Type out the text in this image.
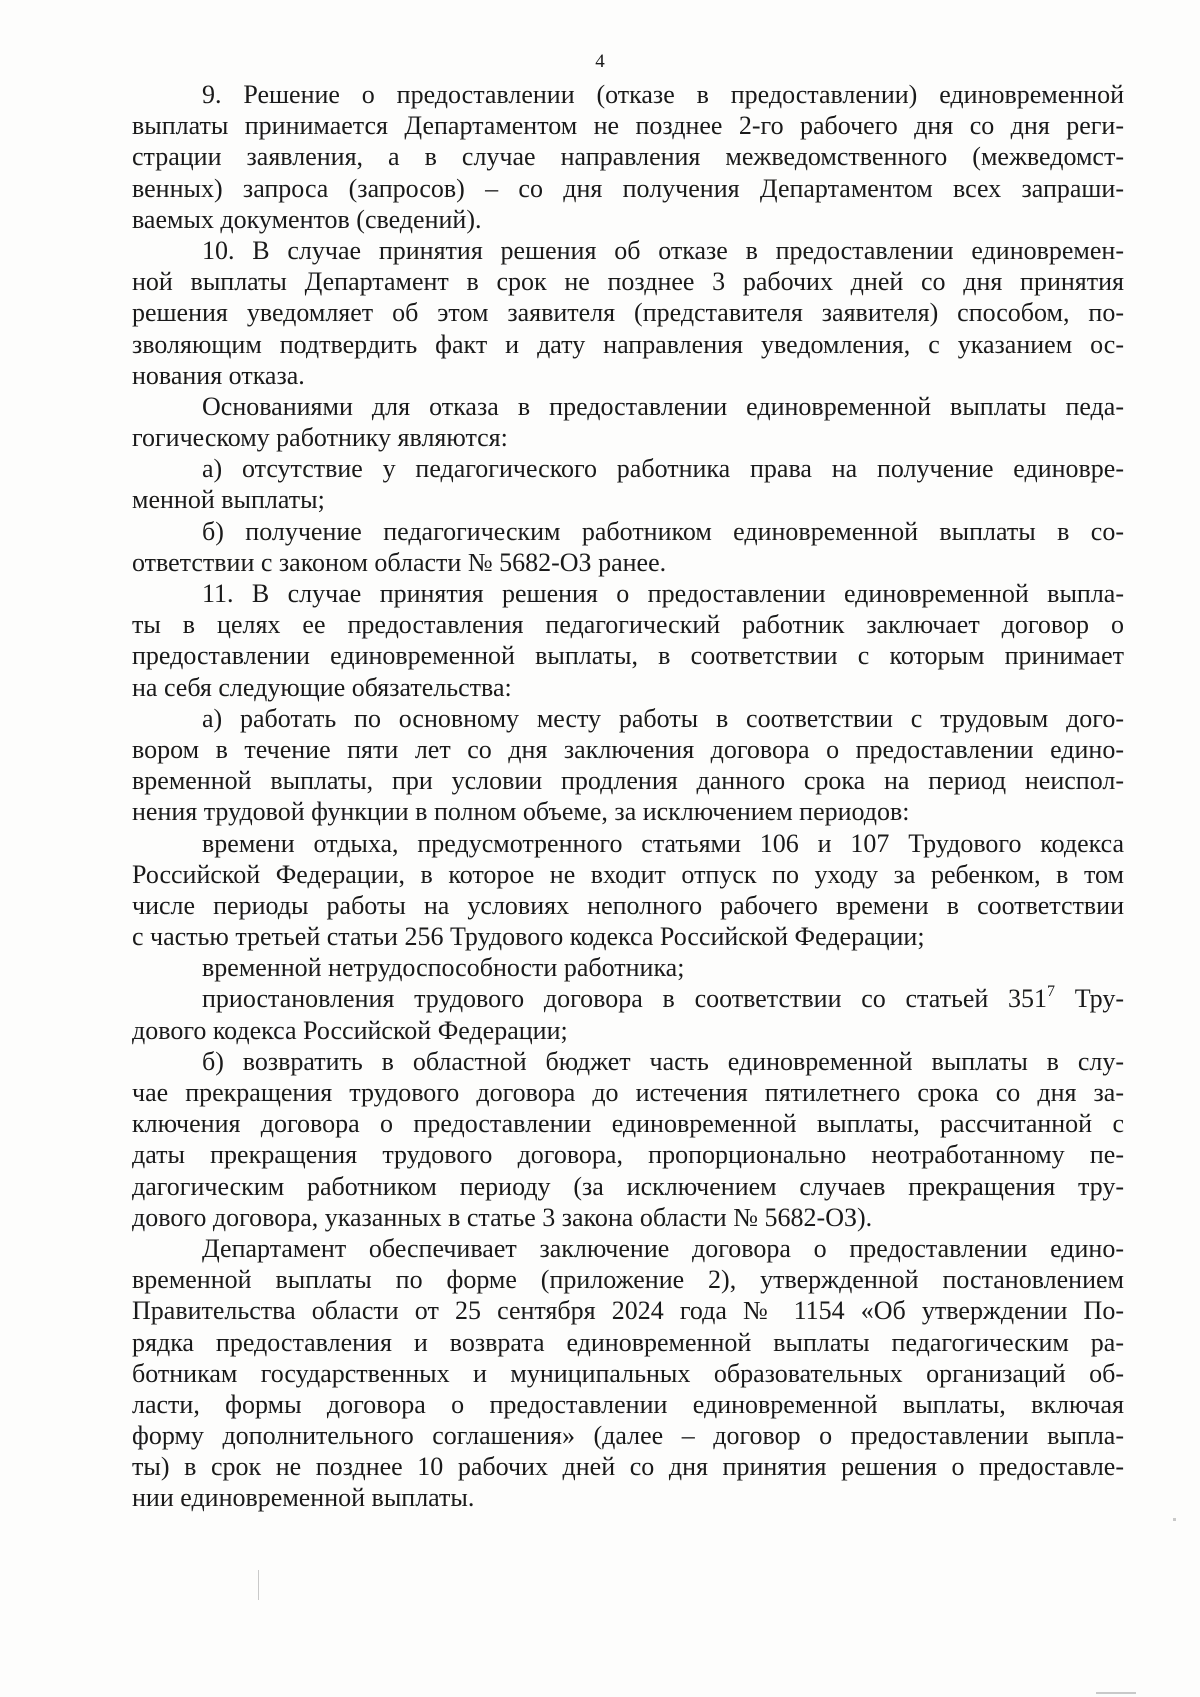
4
9. Решение о предоставлении (отказе в предоставлении) единовременной
выплаты принимается Департаментом не позднее 2-го рабочего дня со дня реги-
страции заявления, а в случае направления межведомственного (межведомст-
венных) запроса (запросов) – со дня получения Департаментом всех запраши-
ваемых документов (сведений).
10. В случае принятия решения об отказе в предоставлении единовремен-
ной выплаты Департамент в срок не позднее 3 рабочих дней со дня принятия
решения уведомляет об этом заявителя (представителя заявителя) способом, по-
зволяющим подтвердить факт и дату направления уведомления, с указанием ос-
нования отказа.
Основаниями для отказа в предоставлении единовременной выплаты педа-
гогическому работнику являются:
а) отсутствие у педагогического работника права на получение единовре-
менной выплаты;
б) получение педагогическим работником единовременной выплаты в со-
ответствии с законом области № 5682-ОЗ ранее.
11. В случае принятия решения о предоставлении единовременной выпла-
ты в целях ее предоставления педагогический работник заключает договор о
предоставлении единовременной выплаты, в соответствии с которым принимает
на себя следующие обязательства:
а) работать по основному месту работы в соответствии с трудовым дого-
вором в течение пяти лет со дня заключения договора о предоставлении едино-
временной выплаты, при условии продления данного срока на период неиспол-
нения трудовой функции в полном объеме, за исключением периодов:
времени отдыха, предусмотренного статьями 106 и 107 Трудового кодекса
Российской Федерации, в которое не входит отпуск по уходу за ребенком, в том
числе периоды работы на условиях неполного рабочего времени в соответствии
с частью третьей статьи 256 Трудового кодекса Российской Федерации;
временной нетрудоспособности работника;
приостановления трудового договора в соответствии со статьей $351^7$ Тру-
дового кодекса Российской Федерации;
б) возвратить в областной бюджет часть единовременной выплаты в слу-
чае прекращения трудового договора до истечения пятилетнего срока со дня за-
ключения договора о предоставлении единовременной выплаты, рассчитанной с
даты прекращения трудового договора, пропорционально неотработанному пе-
дагогическим работником периоду (за исключением случаев прекращения тру-
дового договора, указанных в статье 3 закона области № 5682-ОЗ).
Департамент обеспечивает заключение договора о предоставлении едино-
временной выплаты по форме (приложение 2), утвержденной постановлением
Правительства области от 25 сентября 2024 года № 1154 «Об утверждении По-
рядка предоставления и возврата единовременной выплаты педагогическим ра-
ботникам государственных и муниципальных образовательных организаций об-
ласти, формы договора о предоставлении единовременной выплаты, включая
форму дополнительного соглашения» (далее – договор о предоставлении выпла-
ты) в срок не позднее 10 рабочих дней со дня принятия решения о предоставле-
нии единовременной выплаты.
